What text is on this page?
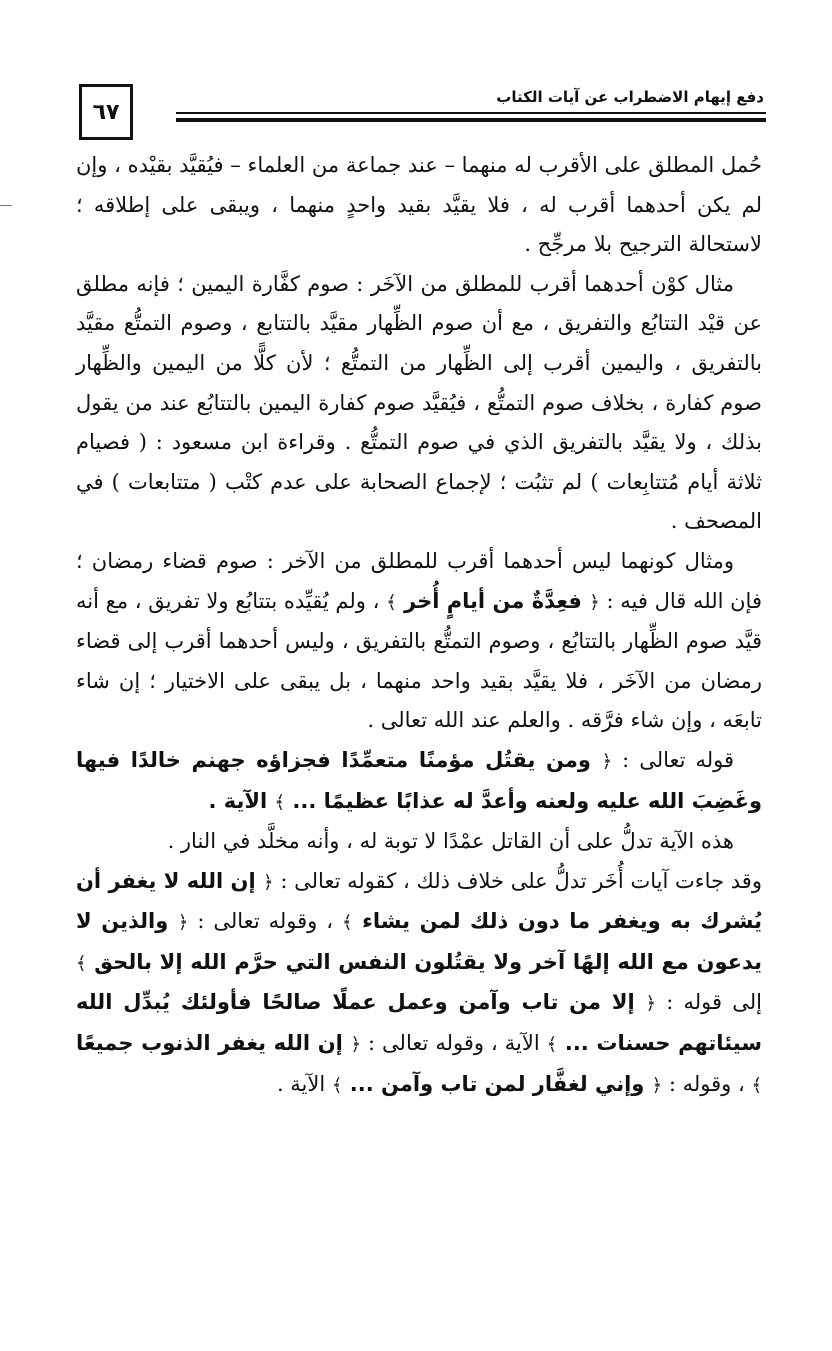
٦٧
دفع إيهام الاضطراب عن آيات الكتاب

حُمل المطلق على الأقرب له منهما – عند جماعة من العلماء – فيُقيَّد بقيْده ، وإن لم يكن أحدهما أقرب له ، فلا يقيَّد بقيد واحدٍ منهما ، ويبقى على إطلاقه ؛ لاستحالة الترجيح بلا مرجِّح .

مثال كوْن أحدهما أقرب للمطلق من الآخَر : صوم كفَّارة اليمين ؛ فإنه مطلق عن قيْد التتابُع والتفريق ، مع أن صوم الظِّهار مقيَّد بالتتابع ، وصوم التمتُّع مقيَّد بالتفريق ، واليمين أقرب إلى الظِّهار من التمتُّع ؛ لأن كلًّا من اليمين والظِّهار صوم كفارة ، بخلاف صوم التمتُّع ، فيُقيَّد صوم كفارة اليمين بالتتابُع عند من يقول بذلك ، ولا يقيَّد بالتفريق الذي في صوم التمتُّع . وقراءة ابن مسعود : ( فصيام ثلاثة أيام مُتتابِعات ) لم تثبُت ؛ لإجماع الصحابة على عدم كتْب ( متتابعات ) في المصحف .

ومثال كونهما ليس أحدهما أقرب للمطلق من الآخر : صوم قضاء رمضان ؛ فإن الله قال فيه : ﴿ فعِدَّةٌ من أيامٍ أُخر ﴾ ، ولم يُقيِّده بتتابُع ولا تفريق ، مع أنه قيَّد صوم الظِّهار بالتتابُع ، وصوم التمتُّع بالتفريق ، وليس أحدهما أقرب إلى قضاء رمضان من الآخَر ، فلا يقيَّد بقيد واحد منهما ، بل يبقى على الاختيار ؛ إن شاء تابعَه ، وإن شاء فرَّقه . والعلم عند الله تعالى .

قوله تعالى : ﴿ ومن يقتُل مؤمنًا متعمِّدًا فجزاؤه جهنم خالدًا فيها وغَضِبَ الله عليه ولعنه وأعدَّ له عذابًا عظيمًا ... ﴾ الآية .

هذه الآية تدلُّ على أن القاتل عمْدًا لا توبة له ، وأنه مخلَّد في النار .

وقد جاءت آيات أُخَر تدلُّ على خلاف ذلك ، كقوله تعالى : ﴿ إن الله لا يغفر أن يُشرك به ويغفر ما دون ذلك لمن يشاء ﴾ ، وقوله تعالى : ﴿ والذين لا يدعون مع الله إلهًا آخر ولا يقتُلون النفس التي حرَّم الله إلا بالحق ﴾ إلى قوله : ﴿ إلا من تاب وآمن وعمل عملًا صالحًا فأولئك يُبدِّل الله سيئاتهم حسنات ... ﴾ الآية ، وقوله تعالى : ﴿ إن الله يغفر الذنوب جميعًا ﴾ ، وقوله : ﴿ وإني لغفَّار لمن تاب وآمن ... ﴾ الآية .
